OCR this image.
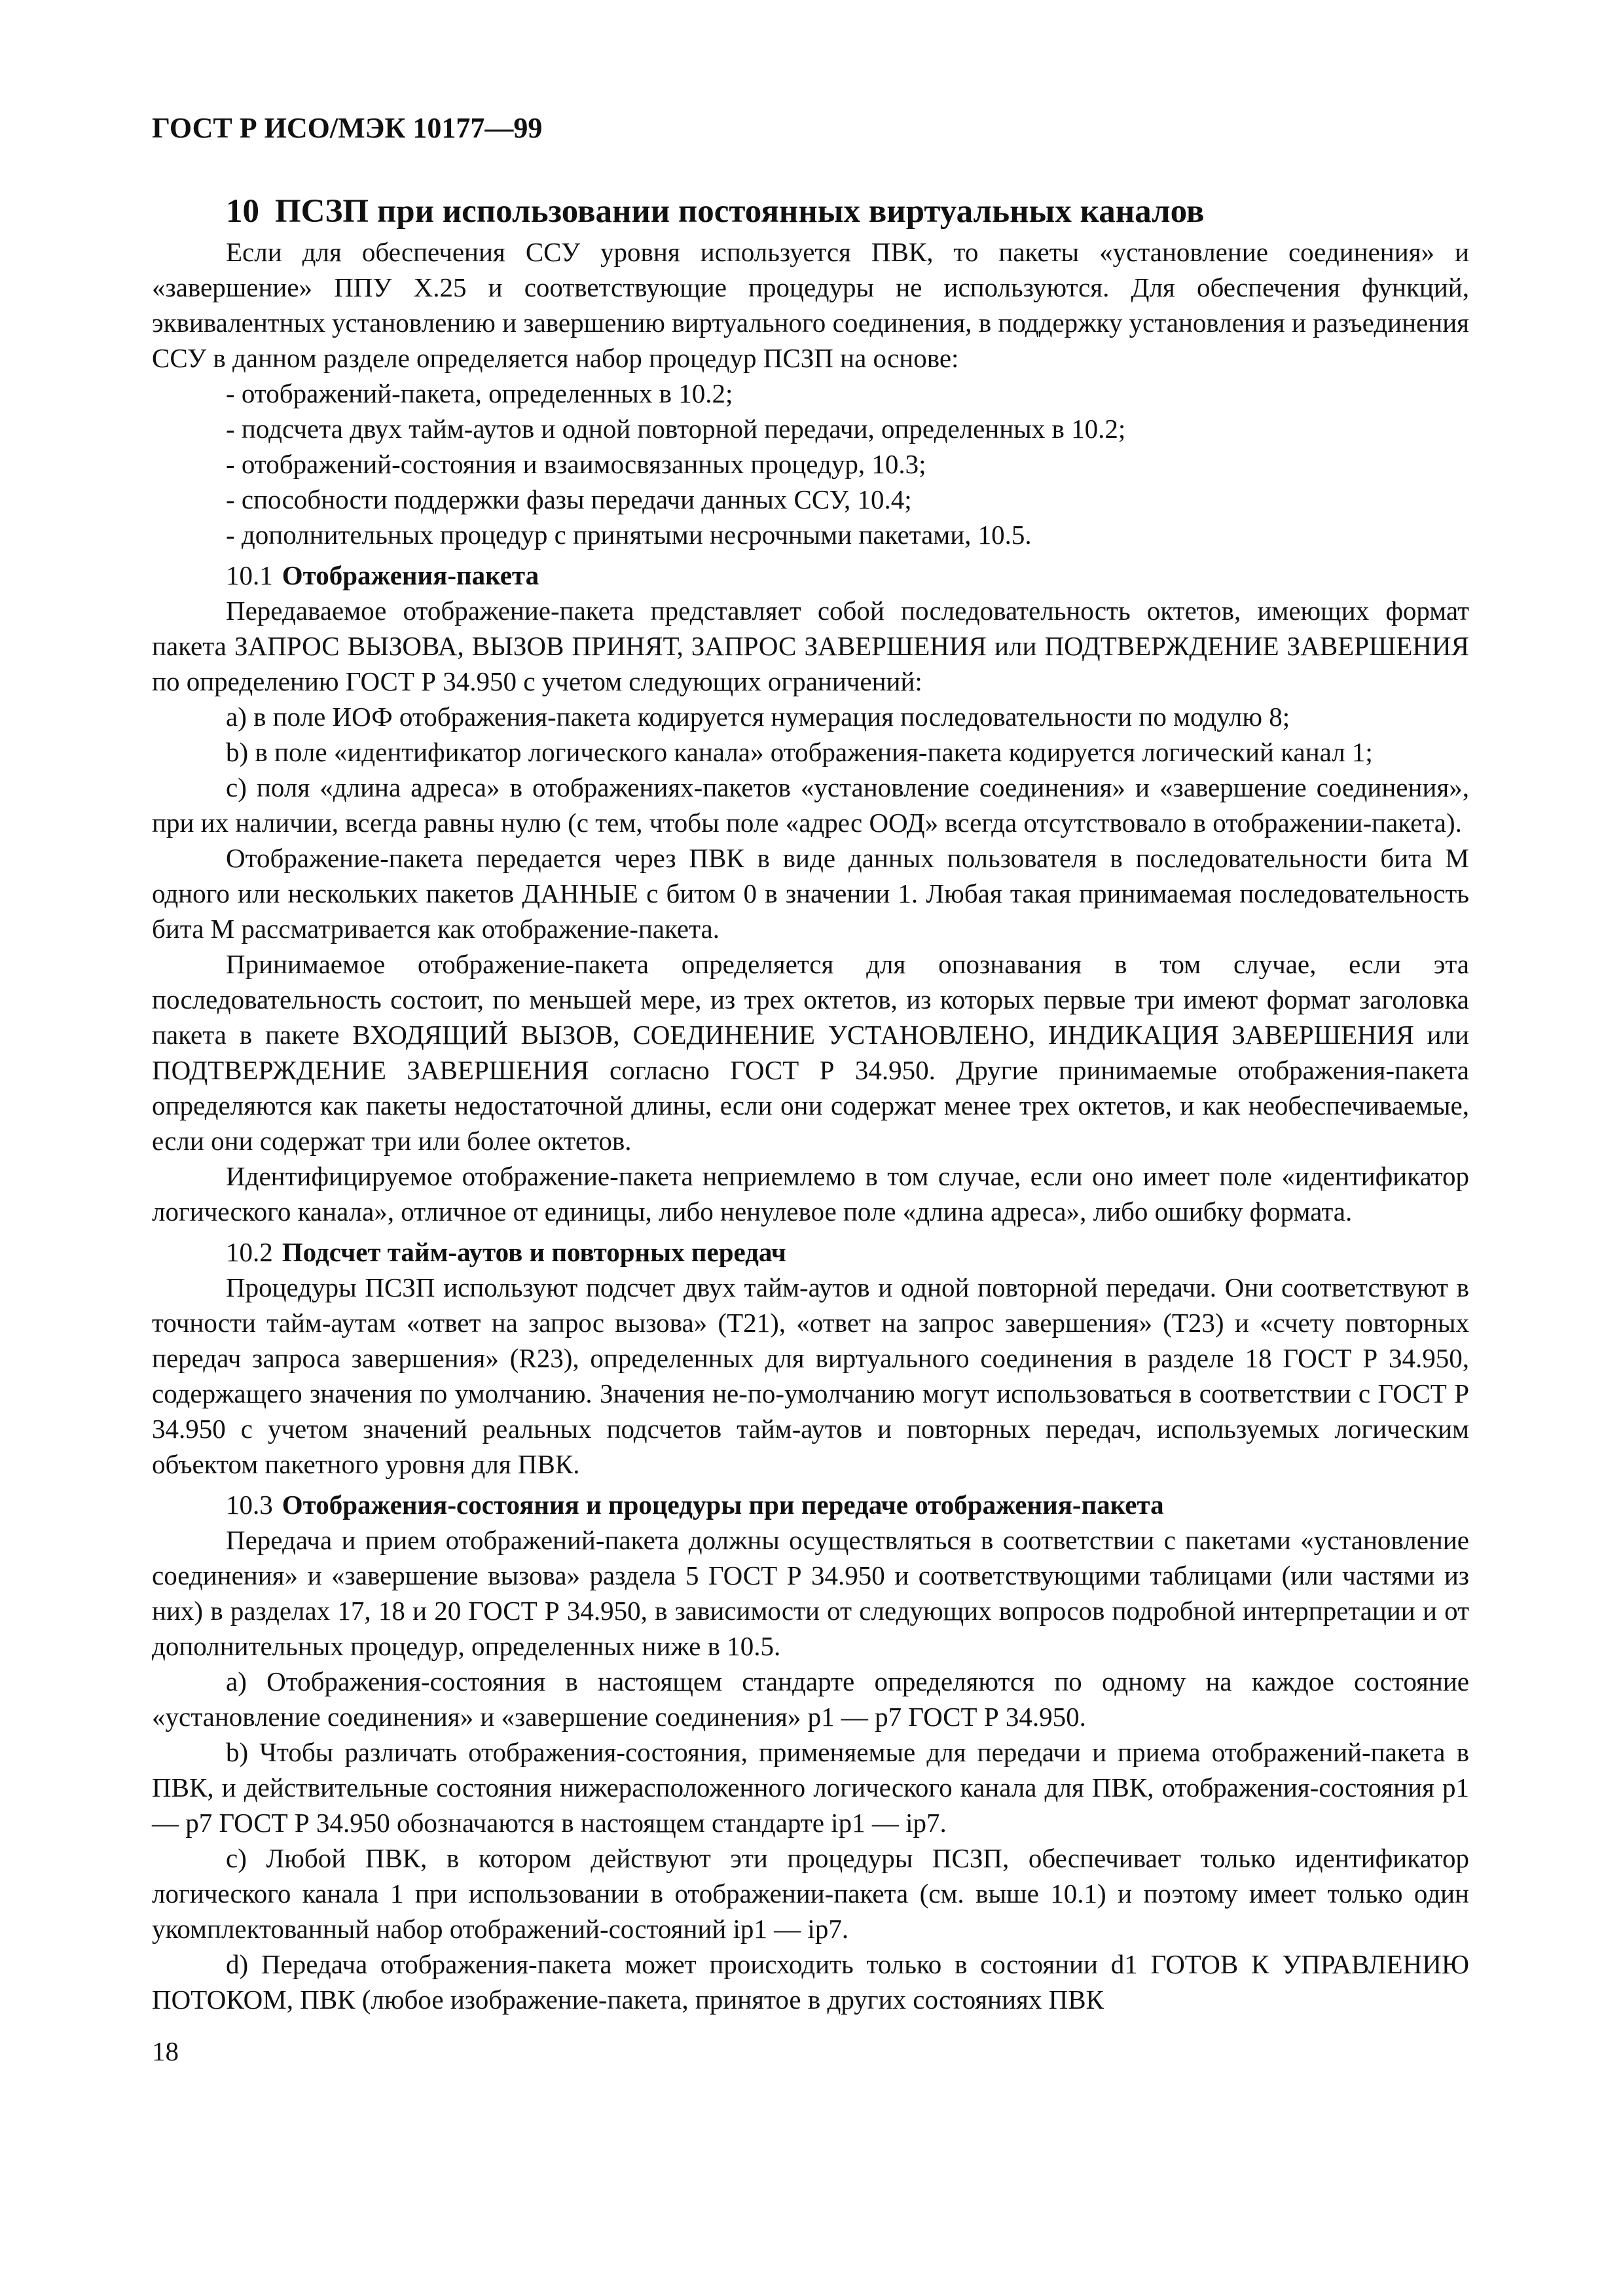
ГОСТ Р ИСО/МЭК 10177—99
10 ПСЗП при использовании постоянных виртуальных каналов

Если для обеспечения ССУ уровня используется ПВК, то пакеты «установление соединения» и «завершение» ППУ X.25 и соответствующие процедуры не используются. Для обеспечения функций, эквивалентных установлению и завершению виртуального соединения, в поддержку установления и разъединения ССУ в данном разделе определяется набор процедур ПСЗП на основе:

- отображений-пакета, определенных в 10.2;
- подсчета двух тайм-аутов и одной повторной передачи, определенных в 10.2;
- отображений-состояния и взаимосвязанных процедур, 10.3;
- способности поддержки фазы передачи данных ССУ, 10.4;
- дополнительных процедур с принятыми несрочными пакетами, 10.5.
10.1 Отображения-пакета

Передаваемое отображение-пакета представляет собой последовательность октетов, имеющих формат пакета ЗАПРОС ВЫЗОВА, ВЫЗОВ ПРИНЯТ, ЗАПРОС ЗАВЕРШЕНИЯ или ПОДТВЕРЖДЕНИЕ ЗАВЕРШЕНИЯ по определению ГОСТ Р 34.950 с учетом следующих ограничений:

а) в поле ИОФ отображения-пакета кодируется нумерация последовательности по модулю 8;

b) в поле «идентификатор логического канала» отображения-пакета кодируется логический канал 1;

с) поля «длина адреса» в отображениях-пакетов «установление соединения» и «завершение соединения», при их наличии, всегда равны нулю (с тем, чтобы поле «адрес ООД» всегда отсутствовало в отображении-пакета).

Отображение-пакета передается через ПВК в виде данных пользователя в последовательности бита М одного или нескольких пакетов ДАННЫЕ с битом 0 в значении 1. Любая такая принимаемая последовательность бита М рассматривается как отображение-пакета.

Принимаемое отображение-пакета определяется для опознавания в том случае, если эта последовательность состоит, по меньшей мере, из трех октетов, из которых первые три имеют формат заголовка пакета в пакете ВХОДЯЩИЙ ВЫЗОВ, СОЕДИНЕНИЕ УСТАНОВЛЕНО, ИНДИКАЦИЯ ЗАВЕРШЕНИЯ или ПОДТВЕРЖДЕНИЕ ЗАВЕРШЕНИЯ согласно ГОСТ Р 34.950. Другие принимаемые отображения-пакета определяются как пакеты недостаточной длины, если они содержат менее трех октетов, и как необеспечиваемые, если они содержат три или более октетов.

Идентифицируемое отображение-пакета неприемлемо в том случае, если оно имеет поле «идентификатор логического канала», отличное от единицы, либо ненулевое поле «длина адреса», либо ошибку формата.

10.2 Подсчет тайм-аутов и повторных передач

Процедуры ПСЗП используют подсчет двух тайм-аутов и одной повторной передачи. Они соответствуют в точности тайм-аутам «ответ на запрос вызова» (Т21), «ответ на запрос завершения» (Т23) и «счету повторных передач запроса завершения» (R23), определенных для виртуального соединения в разделе 18 ГОСТ Р 34.950, содержащего значения по умолчанию. Значения не-по-умолчанию могут использоваться в соответствии с ГОСТ Р 34.950 с учетом значений реальных подсчетов тайм-аутов и повторных передач, используемых логическим объектом пакетного уровня для ПВК.

10.3 Отображения-состояния и процедуры при передаче отображения-пакета

Передача и прием отображений-пакета должны осуществляться в соответствии с пакетами «установление соединения» и «завершение вызова» раздела 5 ГОСТ Р 34.950 и соответствующими таблицами (или частями из них) в разделах 17, 18 и 20 ГОСТ Р 34.950, в зависимости от следующих вопросов подробной интерпретации и от дополнительных процедур, определенных ниже в 10.5.

а) Отображения-состояния в настоящем стандарте определяются по одному на каждое состояние «установление соединения» и «завершение соединения» р1 — р7 ГОСТ Р 34.950.

b) Чтобы различать отображения-состояния, применяемые для передачи и приема отображений-пакета в ПВК, и действительные состояния нижерасположенного логического канала для ПВК, отображения-состояния р1 — р7 ГОСТ Р 34.950 обозначаются в настоящем стандарте ip1 — ip7.

с) Любой ПВК, в котором действуют эти процедуры ПСЗП, обеспечивает только идентификатор логического канала 1 при использовании в отображении-пакета (см. выше 10.1) и поэтому имеет только один укомплектованный набор отображений-состояний ip1 — ip7.

d) Передача отображения-пакета может происходить только в состоянии d1 ГОТОВ К УПРАВЛЕНИЮ ПОТОКОМ, ПВК (любое изображение-пакета, принятое в других состояниях ПВК

18
